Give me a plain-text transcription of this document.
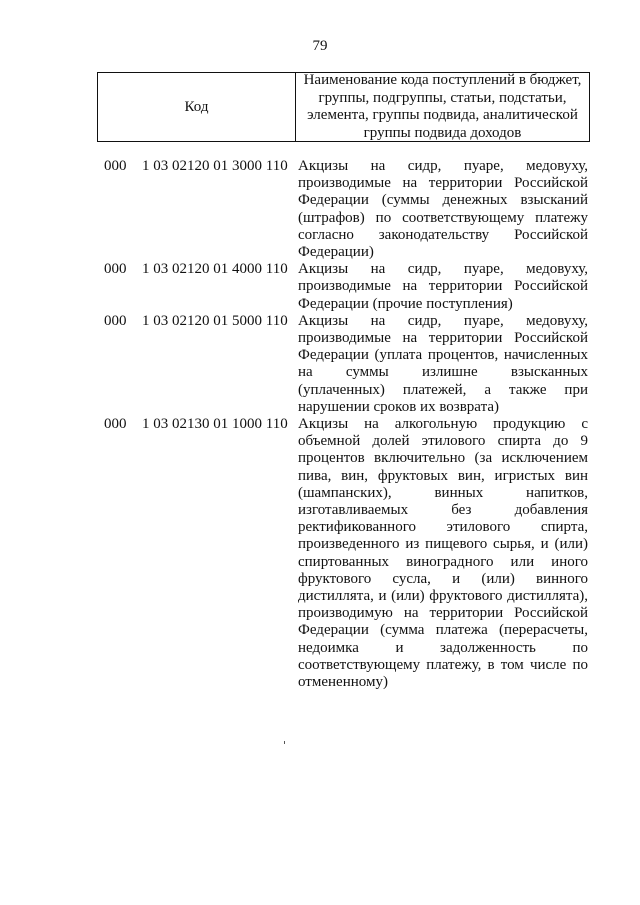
79
Код
Наименование кода поступлений в бюджет, группы, подгруппы, статьи, подстатьи, элемента, группы подвида, аналитической группы подвида доходов
000 1 03 02120 01 3000 110 Акцизы на сидр, пуаре, медовуху, производимые на территории Российской Федерации (суммы денежных взысканий (штрафов) по соответствующему платежу согласно законодательству Российской Федерации)
000 1 03 02120 01 4000 110 Акцизы на сидр, пуаре, медовуху, производимые на территории Российской Федерации (прочие поступления)
000 1 03 02120 01 5000 110 Акцизы на сидр, пуаре, медовуху, производимые на территории Российской Федерации (уплата процентов, начисленных на суммы излишне взысканных (уплаченных) платежей, а также при нарушении сроков их возврата)
000 1 03 02130 01 1000 110 Акцизы на алкогольную продукцию с объемной долей этилового спирта до 9 процентов включительно (за исключением пива, вин, фруктовых вин, игристых вин (шампанских), винных напитков, изготавливаемых без добавления ректификованного этилового спирта, произведенного из пищевого сырья, и (или) спиртованных виноградного или иного фруктового сусла, и (или) винного дистиллята, и (или) фруктового дистиллята), производимую на территории Российской Федерации (сумма платежа (перерасчеты, недоимка и задолженность по соответствующему платежу, в том числе по отмененному)
